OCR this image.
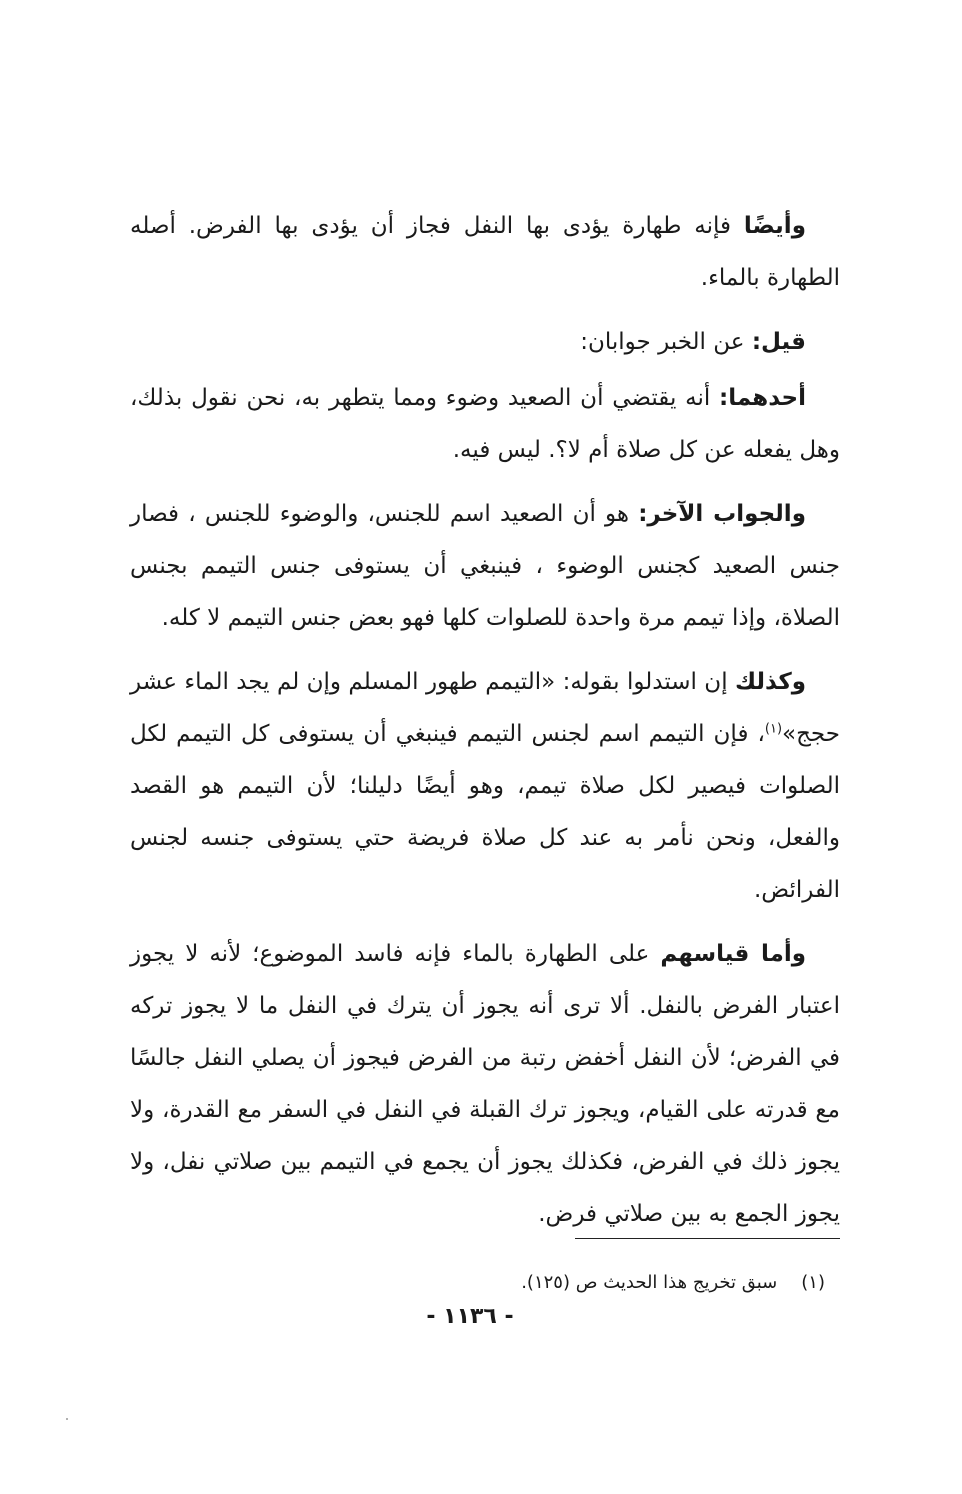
وأيضًا فإنه طهارة يؤدى بها النفل فجاز أن يؤدى بها الفرض. أصله الطهارة بالماء.

قيل: عن الخبر جوابان:

أحدهما: أنه يقتضي أن الصعيد وضوء ومما يتطهر به، نحن نقول بذلك، وهل يفعله عن كل صلاة أم لا؟. ليس فيه.

والجواب الآخر: هو أن الصعيد اسم للجنس، والوضوء للجنس ، فصار جنس الصعيد كجنس الوضوء ، فينبغي أن يستوفى جنس التيمم بجنس الصلاة، وإذا تيمم مرة واحدة للصلوات كلها فهو بعض جنس التيمم لا كله.

وكذلك إن استدلوا بقوله: «التيمم طهور المسلم وإن لم يجد الماء عشر حجج»$^{(١)}$، فإن التيمم اسم لجنس التيمم فينبغي أن يستوفى كل التيمم لكل الصلوات فيصير لكل صلاة تيمم، وهو أيضًا دليلنا؛ لأن التيمم هو القصد والفعل، ونحن نأمر به عند كل صلاة فريضة حتي يستوفى جنسه لجنس الفرائض.

وأما قياسهم على الطهارة بالماء فإنه فاسد الموضوع؛ لأنه لا يجوز اعتبار الفرض بالنفل. ألا ترى أنه يجوز أن يترك في النفل ما لا يجوز تركه في الفرض؛ لأن النفل أخفض رتبة من الفرض فيجوز أن يصلي النفل جالسًا مع قدرته على القيام، ويجوز ترك القبلة في النفل في السفر مع القدرة، ولا يجوز ذلك في الفرض، فكذلك يجوز أن يجمع في التيمم بين صلاتي نفل، ولا يجوز الجمع به بين صلاتي فرض.

(١)سبق تخريج هذا الحديث ص (١٢٥).
- ١١٣٦ -
